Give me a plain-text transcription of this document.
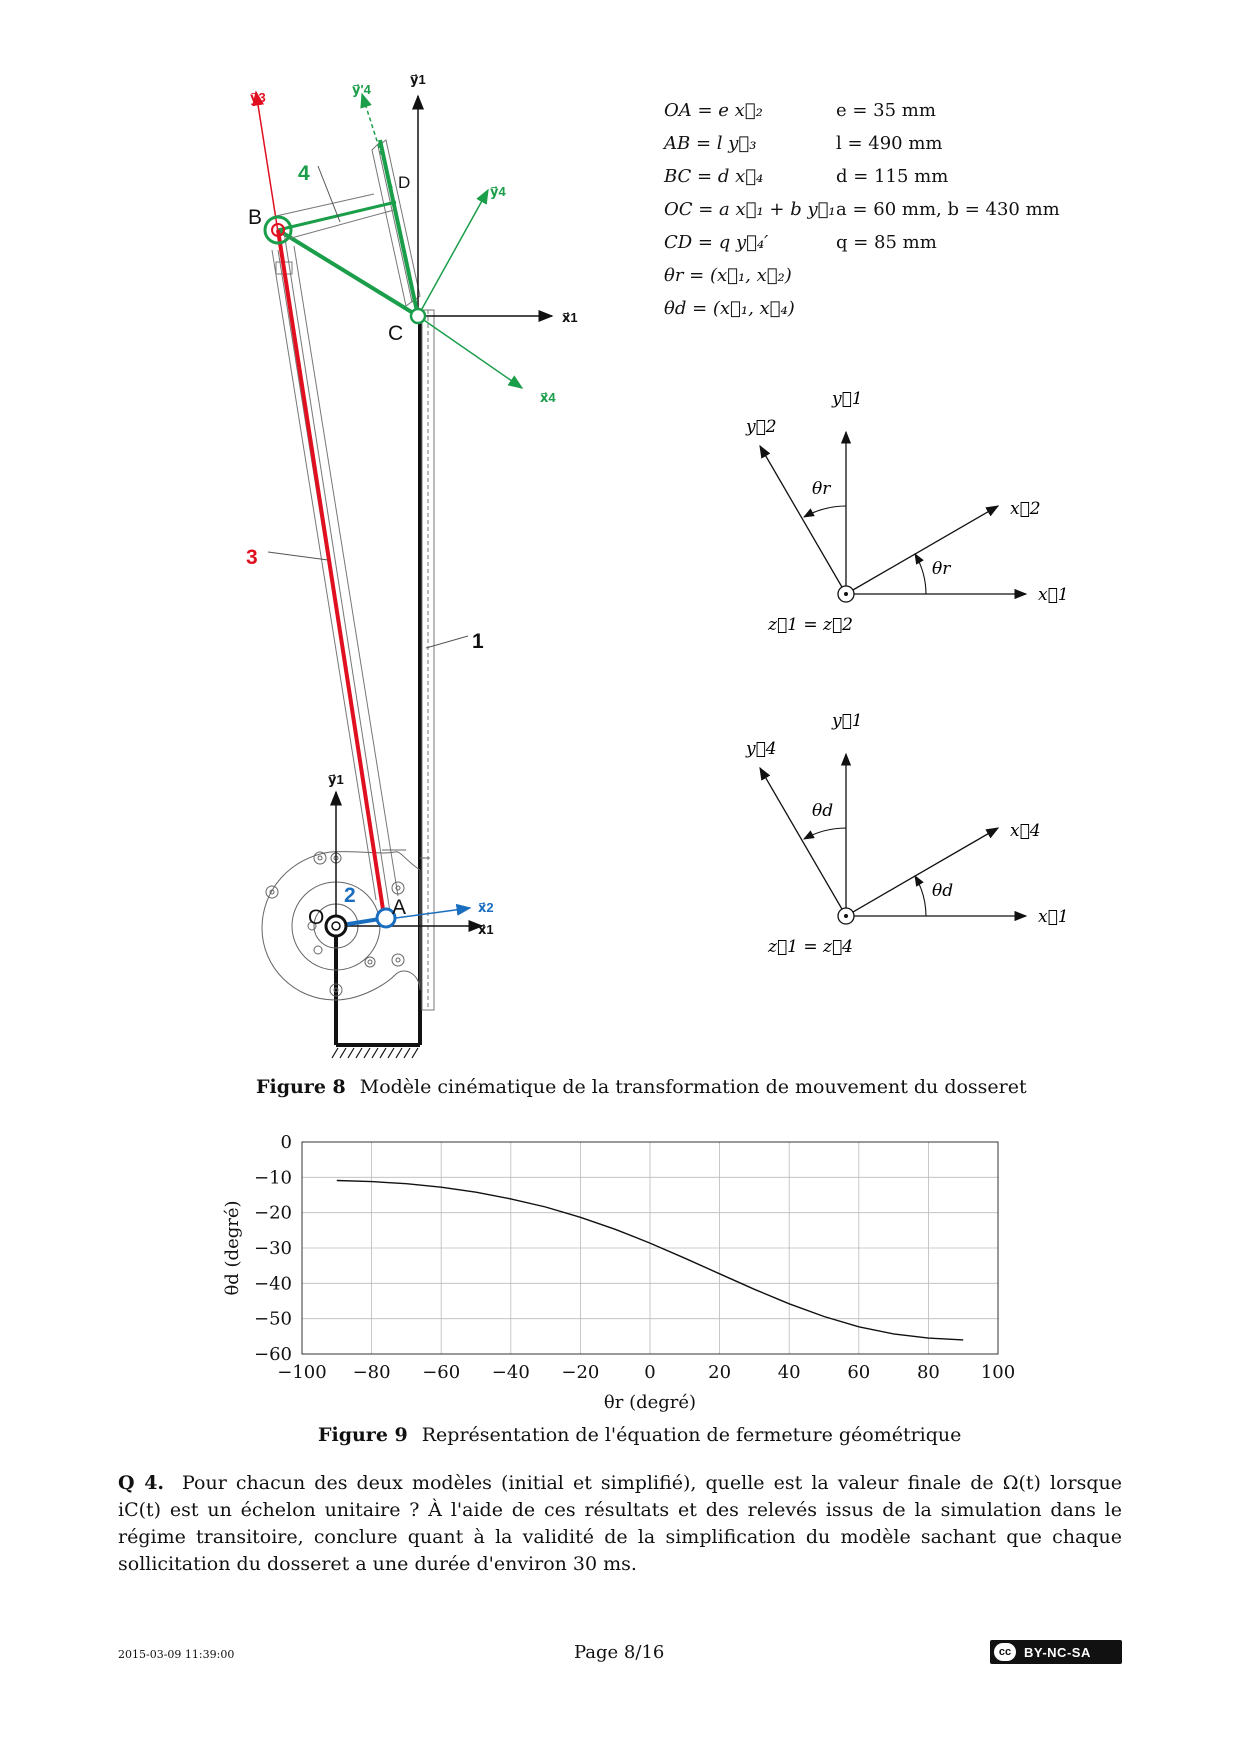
y⃗3
y⃗'4
y⃗1
y⃗4
x⃗1
x⃗4
y⃗1
x⃗2
x⃗1
B
C
D
O	A
4
3
1
2
OA = e x⃗₂	e = 35 mm
AB = l y⃗₃	l = 490 mm
BC = d x⃗₄	d = 115 mm
OC = a x⃗₁ + b y⃗₁ a = 60 mm, b = 430 mm
CD = q y⃗₄′	q = 85 mm
θr = (x⃗₁, x⃗₂)
θd = (x⃗₁, x⃗₄)
y⃗1
y⃗2
x⃗2
x⃗1
θr
θr
z⃗1 = z⃗2
y⃗1
y⃗4
x⃗4
x⃗1
θd
θd
z⃗1 = z⃗4
Figure 8 Modèle cinématique de la transformation de mouvement du dosseret
−100 −80 −60 −40 −20 0	20	40	60	80 100
0
−10
−20
−30
−40
−50
−60
θr (degré)
θd (degré)
Figure 9 Représentation de l'équation de fermeture géométrique
Q 4. Pour chacun des deux modèles (initial et simplifié), quelle est la valeur finale de Ω(t) lorsque iC(t) est un échelon unitaire ? À l'aide de ces résultats et des relevés issus de la simulation dans le régime transitoire, conclure quant à la validité de la simplification du modèle sachant que chaque sollicitation du dosseret a une durée d'environ 30 ms.
2015-03-09 11:39:00	Page 8/16	cc BY-NC-SA
